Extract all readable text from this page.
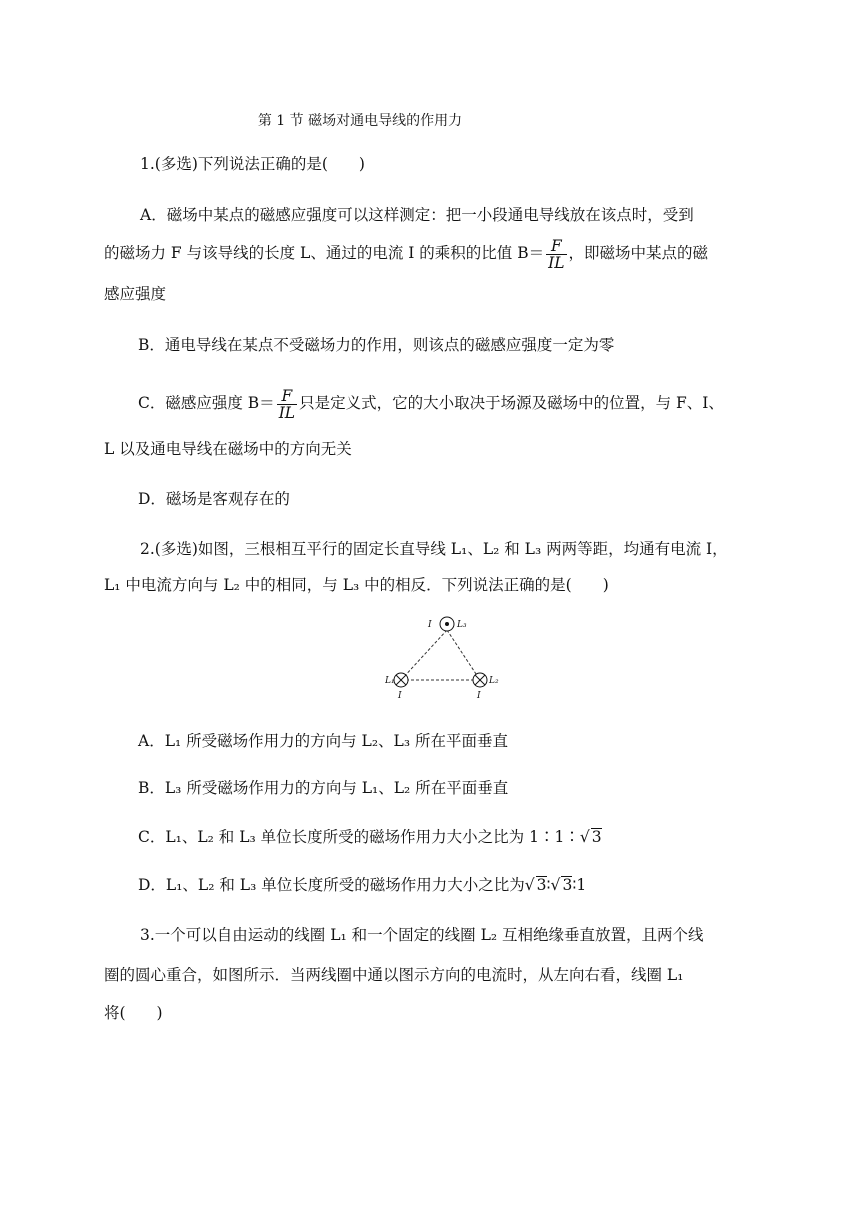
第 1 节 磁场对通电导线的作用力

1.(多选)下列说法正确的是(　　)

A．磁场中某点的磁感应强度可以这样测定：把一小段通电导线放在该点时，受到

的磁场力 F 与该导线的长度 L、通过的电流 I 的乘积的比值 $B= \frac{F}{IL}$ ，即磁场中某点的磁

感应强度

B．通电导线在某点不受磁场力的作用，则该点的磁感应强度一定为零

C．磁感应强度 $B= \frac{F}{IL}$ 只是定义式，它的大小取决于场源及磁场中的位置，与 F、I、

L 以及通电导线在磁场中的方向无关

D．磁场是客观存在的

2.(多选)如图，三根相互平行的固定长直导线 L₁、L₂ 和 L₃ 两两等距，均通有电流 I，

L₁ 中电流方向与 L₂ 中的相同，与 L₃ 中的相反．下列说法正确的是(　　)

I	L₃
L₁
I
L₂
I

A．L₁ 所受磁场作用力的方向与 L₂、L₃ 所在平面垂直

B．L₃ 所受磁场作用力的方向与 L₁、L₂ 所在平面垂直

C．L₁、L₂ 和 L₃ 单位长度所受的磁场作用力大小之比为 1∶1∶√ 3

D．L₁、L₂ 和 L₃ 单位长度所受的磁场作用力大小之比为√ 3∶√ 3∶1

3.一个可以自由运动的线圈 L₁ 和一个固定的线圈 L₂ 互相绝缘垂直放置，且两个线

圈的圆心重合，如图所示．当两线圈中通以图示方向的电流时，从左向右看，线圈 L₁

将(　　)
